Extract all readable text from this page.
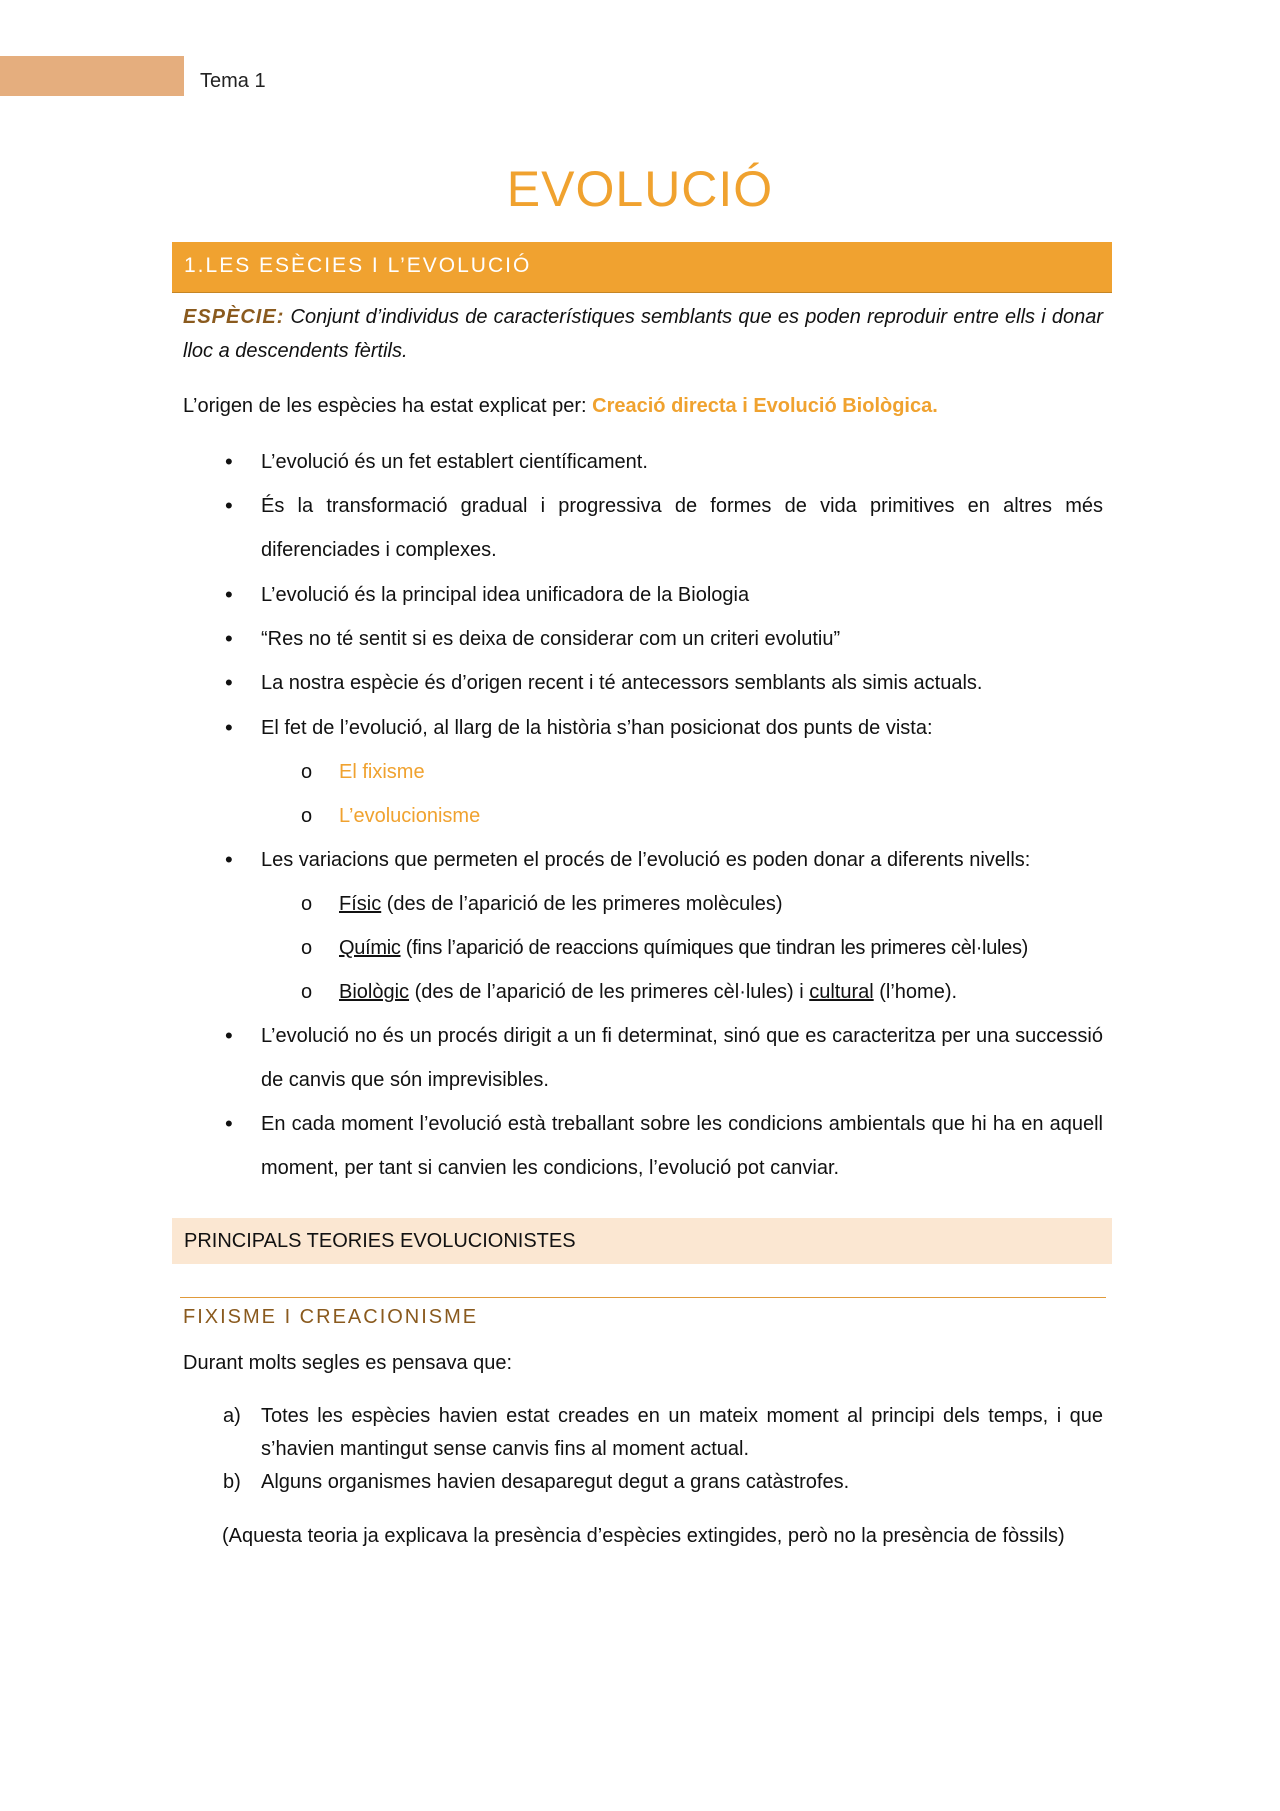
Tema 1
EVOLUCIÓ
1.LES ESÈCIES I L’EVOLUCIÓ
ESPÈCIE: Conjunt d’individus de característiques semblants que es poden reproduir entre ells i donar lloc a descendents fèrtils.
L’origen de les espècies ha estat explicat per: Creació directa i Evolució Biològica.
• L’evolució és un fet establert científicament.
• És la transformació gradual i progressiva de formes de vida primitives en altres més diferenciades i complexes.
• L’evolució és la principal idea unificadora de la Biologia
• “Res no té sentit si es deixa de considerar com un criteri evolutiu”
• La nostra espècie és d’origen recent i té antecessors semblants als simis actuals.
• El fet de l’evolució, al llarg de la història s’han posicionat dos punts de vista:
o El fixisme
o L’evolucionisme
• Les variacions que permeten el procés de l’evolució es poden donar a diferents nivells:
o Físic (des de l’aparició de les primeres molècules)
o Químic (fins l’aparició de reaccions químiques que tindran les primeres cèl·lules)
o Biològic (des de l’aparició de les primeres cèl·lules) i cultural (l’home).
• L’evolució no és un procés dirigit a un fi determinat, sinó que es caracteritza per una successió de canvis que són imprevisibles.
• En cada moment l’evolució està treballant sobre les condicions ambientals que hi ha en aquell moment, per tant si canvien les condicions, l’evolució pot canviar.
PRINCIPALS TEORIES EVOLUCIONISTES
FIXISME I CREACIONISME
Durant molts segles es pensava que:
a) Totes les espècies havien estat creades en un mateix moment al principi dels temps, i que s’havien mantingut sense canvis fins al moment actual.
b) Alguns organismes havien desaparegut degut a grans catàstrofes.
(Aquesta teoria ja explicava la presència d’espècies extingides, però no la presència de fòssils)
